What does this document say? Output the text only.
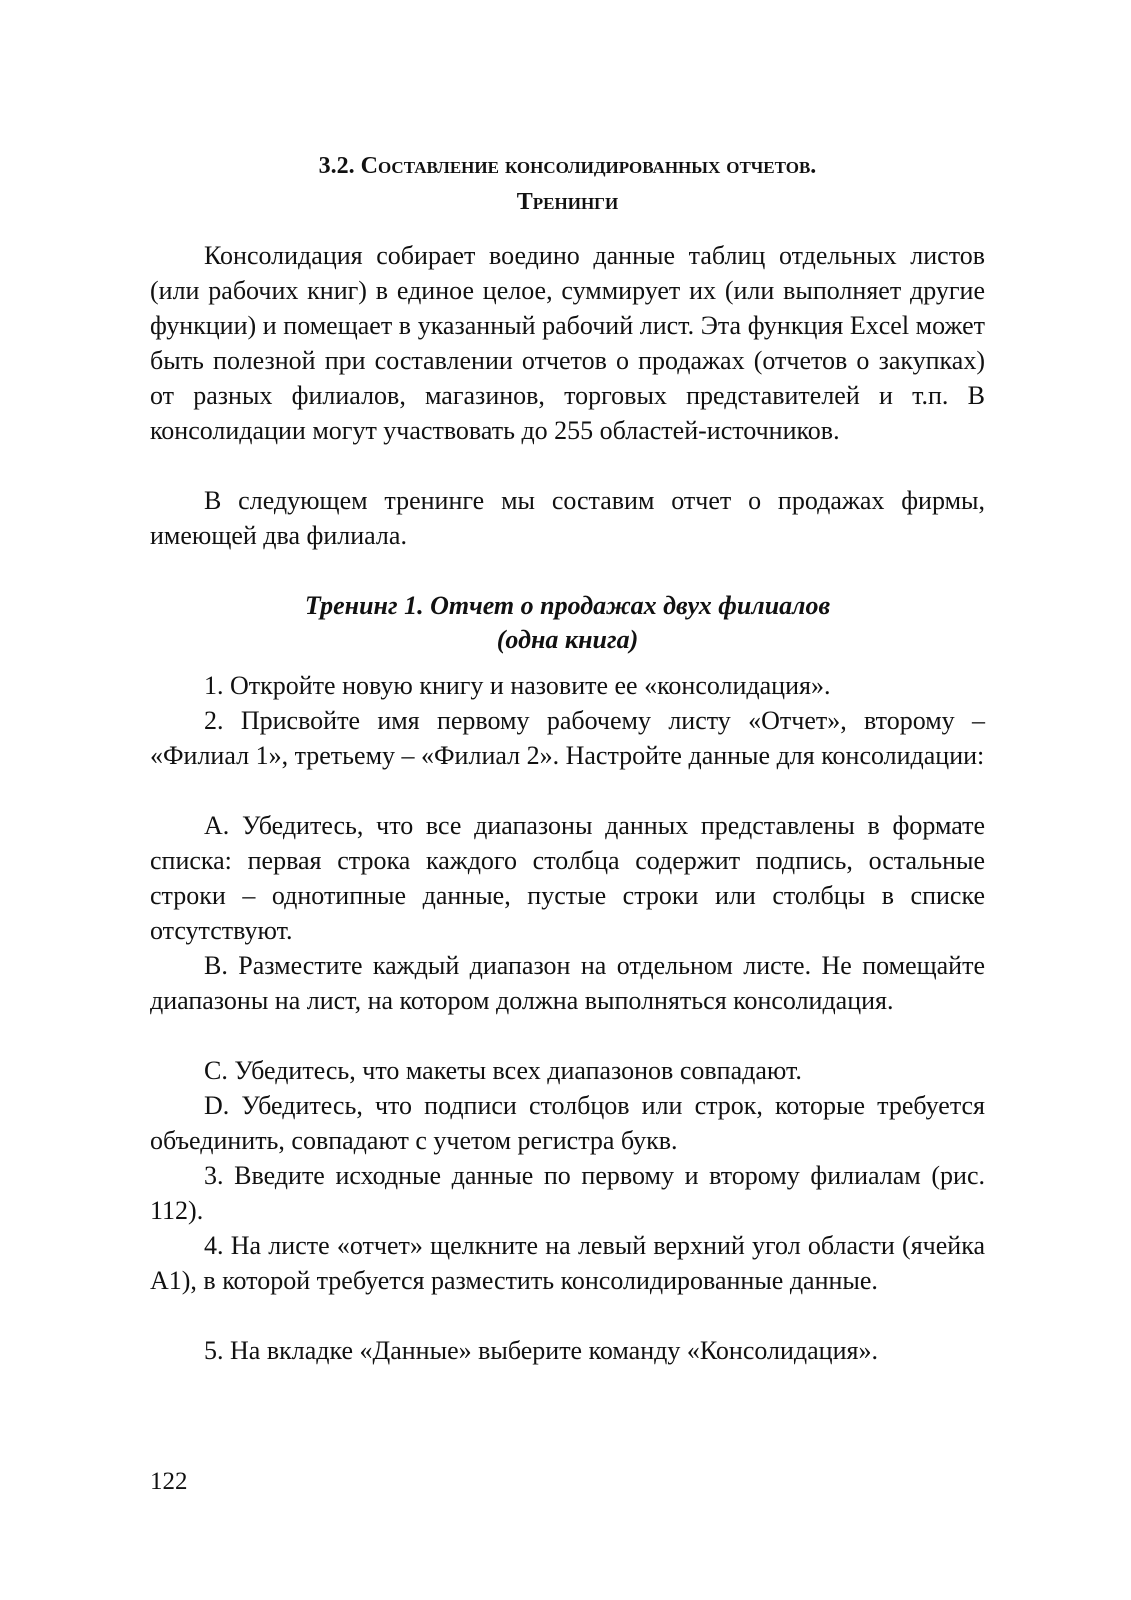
3.2. Составление консолидированных отчетов.
Тренинги

Консолидация собирает воедино данные таблиц отдельных листов (или рабочих книг) в единое целое, суммирует их (или выполняет другие функции) и помещает в указанный рабочий лист. Эта функция Excel может быть полезной при составлении отчетов о продажах (отчетов о закупках) от разных филиалов, магазинов, торговых представителей и т.п. В консолидации могут участвовать до 255 областей-источников.

В следующем тренинге мы составим отчет о продажах фирмы, имеющей два филиала.

Тренинг 1. Отчет о продажах двух филиалов
(одна книга)

1. Откройте новую книгу и назовите ее «консолидация».

2. Присвойте имя первому рабочему листу «Отчет», второму – «Филиал 1», третьему – «Филиал 2». Настройте данные для консолидации:

A. Убедитесь, что все диапазоны данных представлены в формате списка: первая строка каждого столбца содержит подпись, остальные строки – однотипные данные, пустые строки или столбцы в списке отсутствуют.

B. Разместите каждый диапазон на отдельном листе. Не помещайте диапазоны на лист, на котором должна выполняться консолидация.

C. Убедитесь, что макеты всех диапазонов совпадают.

D. Убедитесь, что подписи столбцов или строк, которые требуется объединить, совпадают с учетом регистра букв.

3. Введите исходные данные по первому и второму филиалам (рис. 112).

4. На листе «отчет» щелкните на левый верхний угол области (ячейка A1), в которой требуется разместить консолидированные данные.

5. На вкладке «Данные» выберите команду «Консолидация».

122
